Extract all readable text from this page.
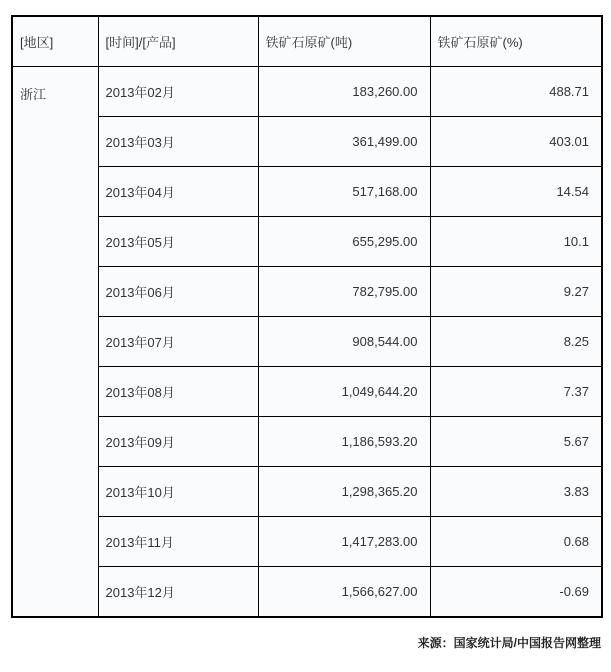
[地区]	[时间]/[产品]	铁矿石原矿(吨)	铁矿石原矿(%)
浙江	2013年02月	183,260.00	488.71
	2013年03月	361,499.00	403.01
	2013年04月	517,168.00	14.54
	2013年05月	655,295.00	10.1
	2013年06月	782,795.00	9.27
	2013年07月	908,544.00	8.25
	2013年08月	1,049,644.20	7.37
	2013年09月	1,186,593.20	5.67
	2013年10月	1,298,365.20	3.83
	2013年11月	1,417,283.00	0.68
	2013年12月	1,566,627.00	-0.69
来源：国家统计局/中国报告网整理
